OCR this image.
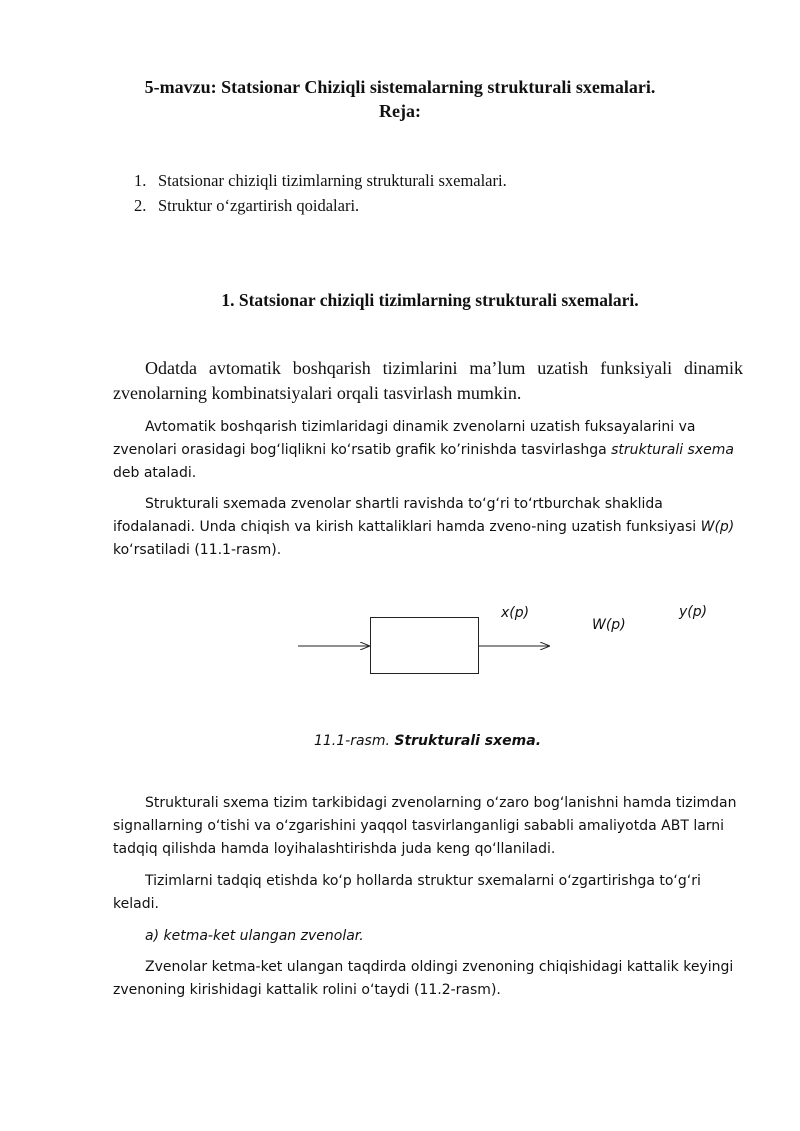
5-mavzu: Statsionar Chiziqli sistemalarning strukturali sxemalari.
Reja:
1. Statsionar chiziqli tizimlarning strukturali sxemalari.
2. Struktur o‘zgartirish qoidalari.
1. Statsionar chiziqli tizimlarning strukturali sxemalari.
Odatda avtomatik boshqarish tizimlarini ma’lum uzatish funksiyali dinamik zvenolarning kombinatsiyalari orqali tasvirlash mumkin.
Avtomatik boshqarish tizimlaridagi dinamik zvenolarni uzatish fuksayalarini va zvenolari orasidagi bog‘liqlikni ko‘rsatib grafik ko’rinishda tasvirlashga strukturali sxema deb ataladi.
Strukturali sxemada zvenolar shartli ravishda to‘g‘ri to‘rtburchak shaklida ifodalanadi. Unda chiqish va kirish kattaliklari hamda zveno-ning uzatish funksiyasi W(p) ko‘rsatiladi (11.1-rasm).
x(p)
W(p)
y(p)
11.1-rasm. Strukturali sxema.
Strukturali sxema tizim tarkibidagi zvenolarning o‘zaro bog‘lanishni hamda tizimdan signallarning o‘tishi va o‘zgarishini yaqqol tasvirlanganligi sababli amaliyotda ABT larni tadqiq qilishda hamda loyihalashtirishda juda keng qo‘llaniladi.
Tizimlarni tadqiq etishda ko‘p hollarda struktur sxemalarni o‘zgartirishga to‘g‘ri keladi.
a) ketma-ket ulangan zvenolar.
Zvenolar ketma-ket ulangan taqdirda oldingi zvenoning chiqishidagi kattalik keyingi zvenoning kirishidagi kattalik rolini o‘taydi (11.2-rasm).
